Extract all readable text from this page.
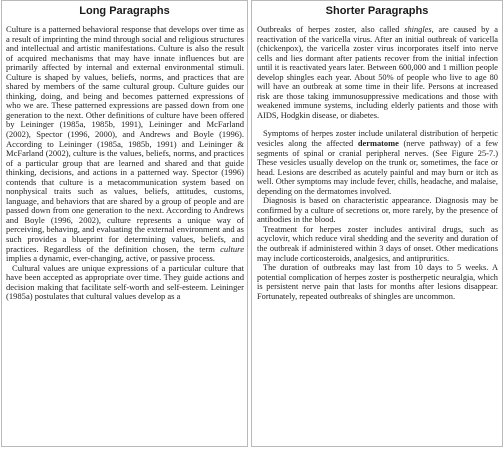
Long Paragraphs

Culture is a patterned behavioral response that develops over time as a result of imprinting the mind through social and religious structures and intellectual and artistic manifestations. Culture is also the result of acquired mechanisms that may have innate influences but are primarily affected by internal and external environmental stimuli. Culture is shaped by values, beliefs, norms, and practices that are shared by members of the same cultural group. Culture guides our thinking, doing, and being and becomes patterned expressions of who we are. These patterned expressions are passed down from one generation to the next. Other definitions of culture have been offered by Leininger (1985a, 1985b, 1991), Leininger and McFarland (2002), Spector (1996, 2000), and Andrews and Boyle (1996). According to Leininger (1985a, 1985b, 1991) and Leininger & McFarland (2002), culture is the values, beliefs, norms, and practices of a particular group that are learned and shared and that guide thinking, decisions, and actions in a patterned way. Spector (1996) contends that culture is a metacommunication system based on nonphysical traits such as values, beliefs, attitudes, customs, language, and behaviors that are shared by a group of people and are passed down from one generation to the next. According to Andrews and Boyle (1996, 2002), culture represents a unique way of perceiving, behaving, and evaluating the external environment and as such provides a blueprint for determining values, beliefs, and practices. Regardless of the definition chosen, the term culture implies a dynamic, ever-changing, active, or passive process.

Cultural values are unique expressions of a particular culture that have been accepted as appropriate over time. They guide actions and decision making that facilitate self-worth and self-esteem. Leininger (1985a) postulates that cultural values develop as a

Shorter Paragraphs

Outbreaks of herpes zoster, also called shingles, are caused by a reactivation of the varicella virus. After an initial outbreak of varicella (chickenpox), the varicella zoster virus incorporates itself into nerve cells and lies dormant after patients recover from the initial infection until it is reactivated years later. Between 600,000 and 1 million people develop shingles each year. About 50% of people who live to age 80 will have an outbreak at some time in their life. Persons at increased risk are those taking immunosuppressive medications and those with weakened immune systems, including elderly patients and those with AIDS, Hodgkin disease, or diabetes.

Symptoms of herpes zoster include unilateral distribution of herpetic vesicles along the affected dermatome (nerve pathway) of a few segments of spinal or cranial peripheral nerves. (See Figure 25-7.) These vesicles usually develop on the trunk or, sometimes, the face or head. Lesions are described as acutely painful and may burn or itch as well. Other symptoms may include fever, chills, headache, and malaise, depending on the dermatomes involved.

Diagnosis is based on characteristic appearance. Diagnosis may be confirmed by a culture of secretions or, more rarely, by the presence of antibodies in the blood.

Treatment for herpes zoster includes antiviral drugs, such as acyclovir, which reduce viral shedding and the severity and duration of the outbreak if administered within 3 days of onset. Other medications may include corticosteroids, analgesics, and antipruritics.

The duration of outbreaks may last from 10 days to 5 weeks. A potential complication of herpes zoster is postherpetic neuralgia, which is persistent nerve pain that lasts for months after lesions disappear. Fortunately, repeated outbreaks of shingles are uncommon.
